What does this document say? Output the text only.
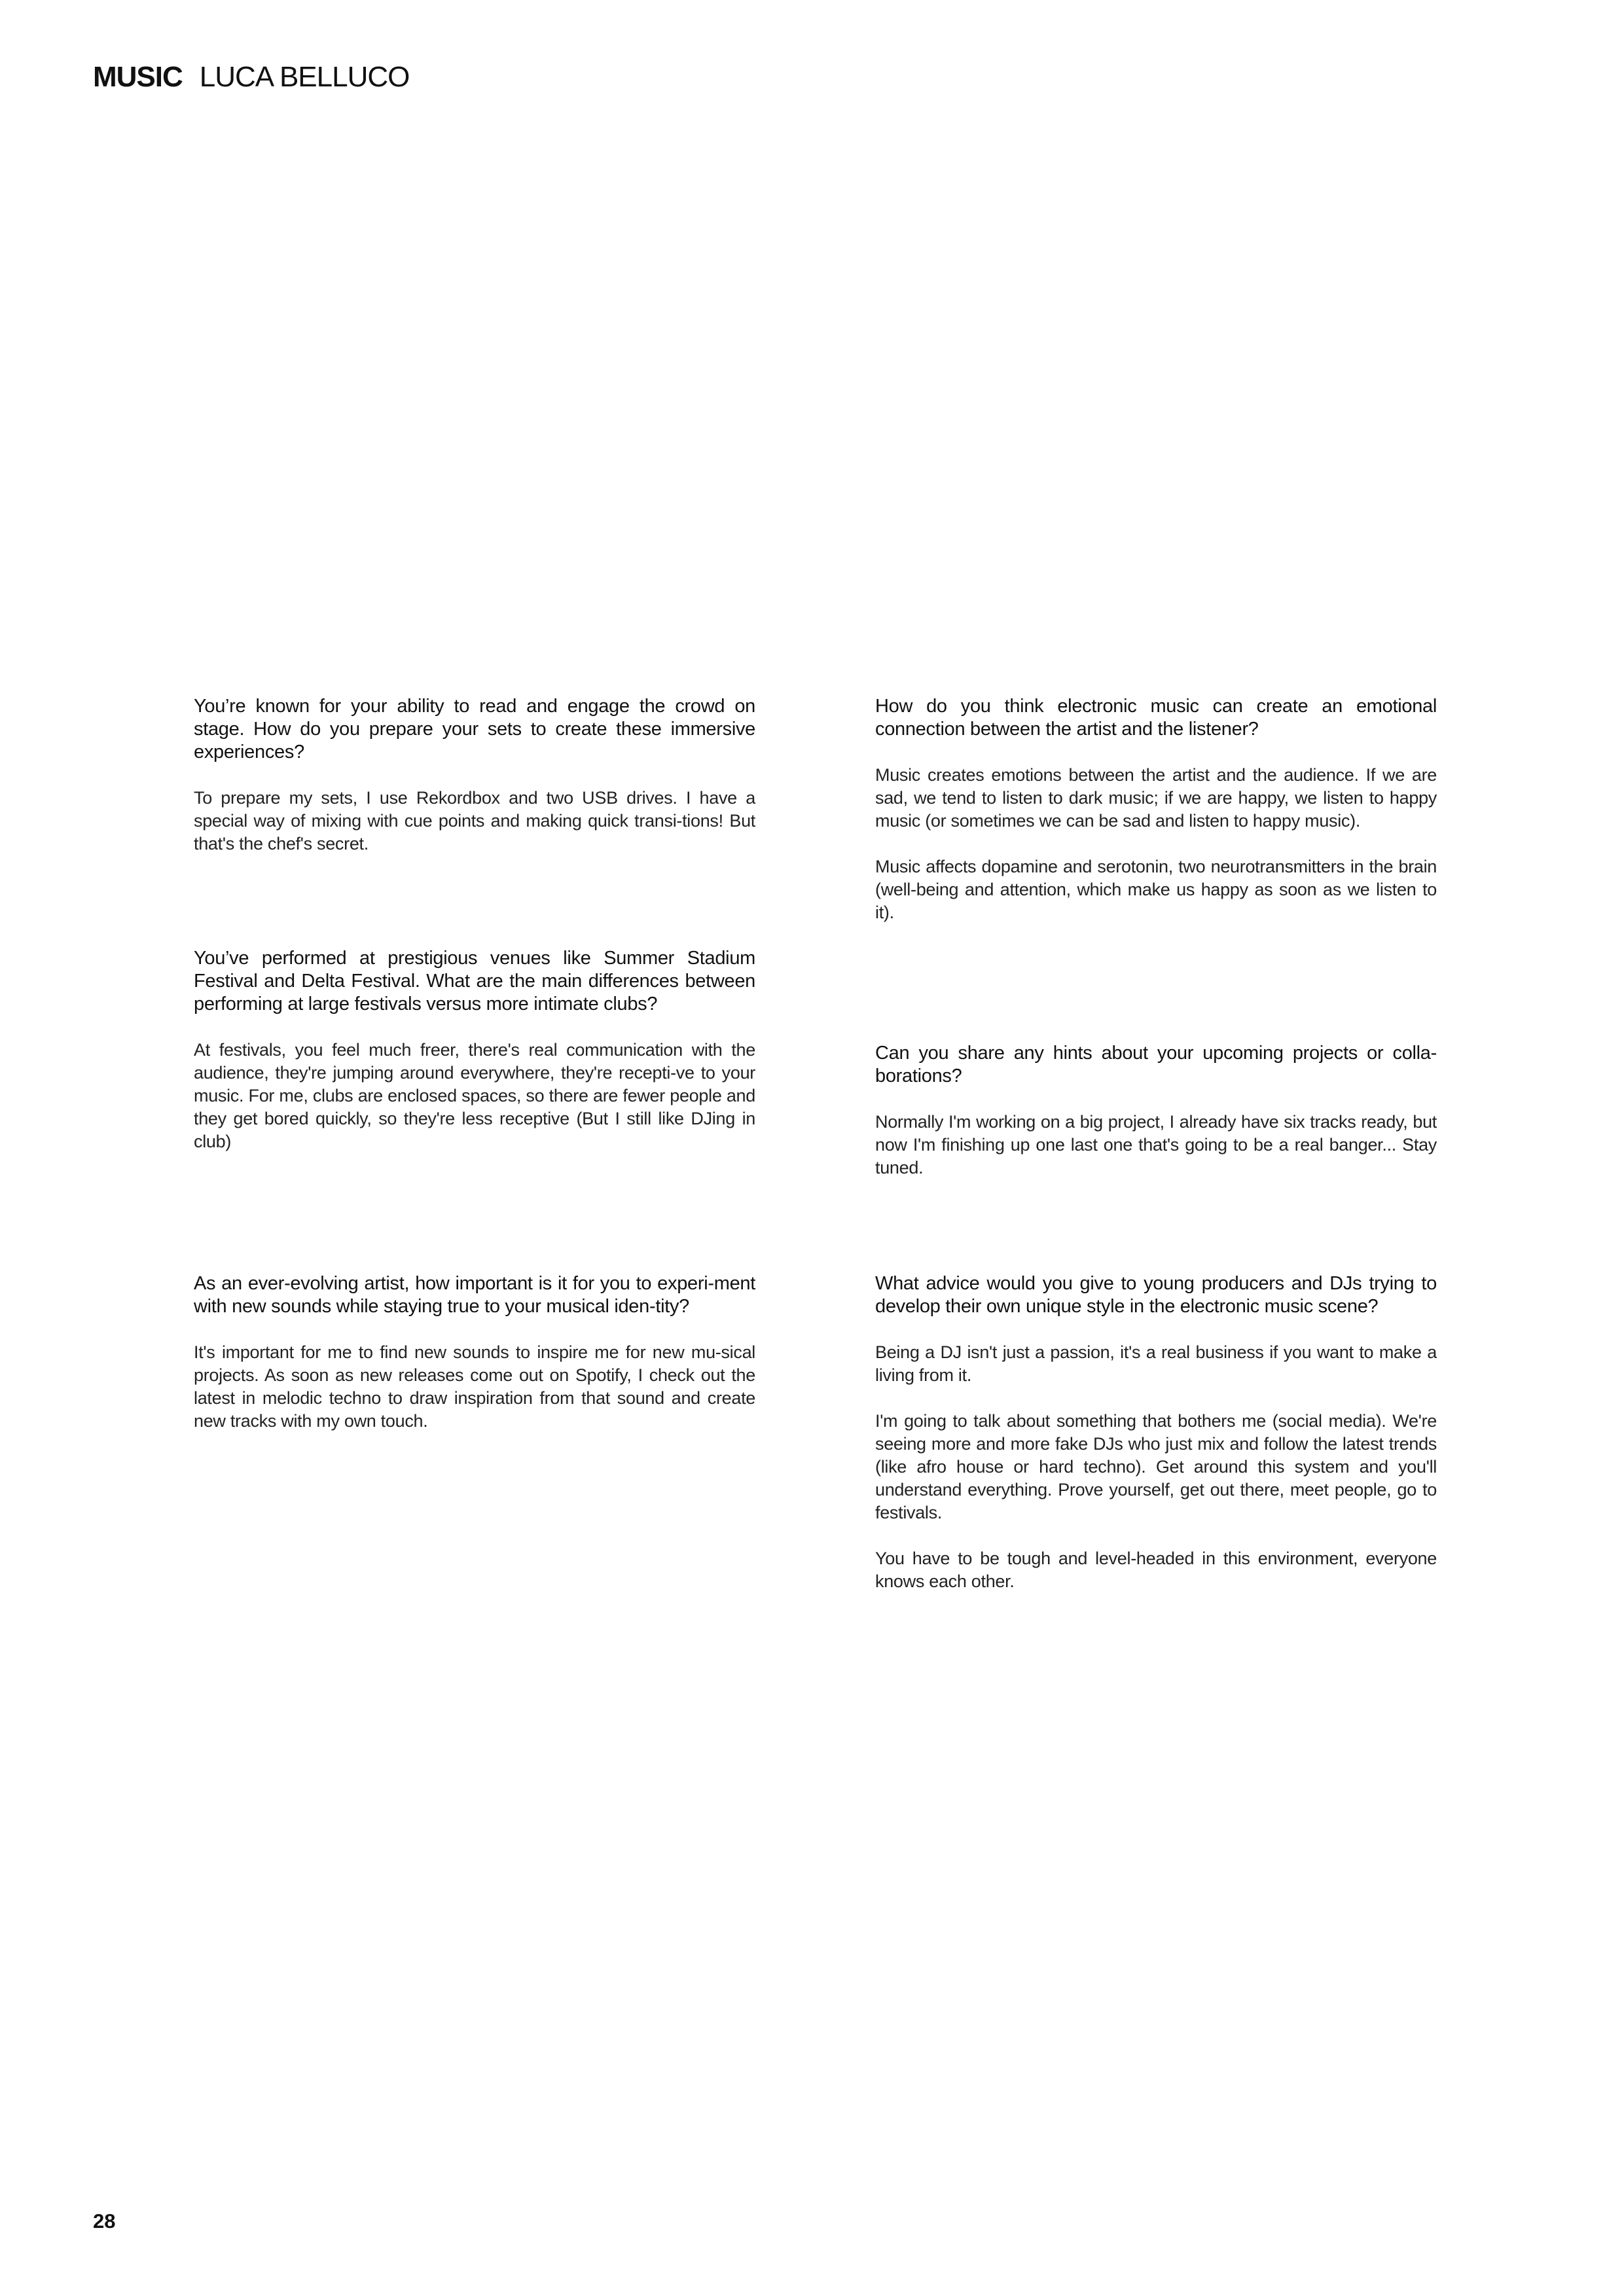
MUSIC LUCA BELLUCO

You’re known for your ability to read and engage the crowd on stage. How do you prepare your sets to create these immersive experiences?

To prepare my sets, I use Rekordbox and two USB drives. I have a special way of mixing with cue points and making quick transi-tions! But that's the chef's secret.

You’ve performed at prestigious venues like Summer Stadium Festival and Delta Festival. What are the main differences between performing at large festivals versus more intimate clubs?

At festivals, you feel much freer, there's real communication with the audience, they're jumping around everywhere, they're recepti-ve to your music. For me, clubs are enclosed spaces, so there are fewer people and they get bored quickly, so they're less receptive (But I still like DJing in club)

As an ever-evolving artist, how important is it for you to experi-ment with new sounds while staying true to your musical iden-tity?

It's important for me to find new sounds to inspire me for new mu-sical projects. As soon as new releases come out on Spotify, I check out the latest in melodic techno to draw inspiration from that sound and create new tracks with my own touch.

How do you think electronic music can create an emotional connection between the artist and the listener?

Music creates emotions between the artist and the audience. If we are sad, we tend to listen to dark music; if we are happy, we listen to happy music (or sometimes we can be sad and listen to happy music).

Music affects dopamine and serotonin, two neurotransmitters in the brain (well-being and attention, which make us happy as soon as we listen to it).

Can you share any hints about your upcoming projects or colla-borations?

Normally I'm working on a big project, I already have six tracks ready, but now I'm finishing up one last one that's going to be a real banger... Stay tuned.

What advice would you give to young producers and DJs trying to develop their own unique style in the electronic music scene?

Being a DJ isn't just a passion, it's a real business if you want to make a living from it.

I'm going to talk about something that bothers me (social media). We're seeing more and more fake DJs who just mix and follow the latest trends (like afro house or hard techno). Get around this system and you'll understand everything. Prove yourself, get out there, meet people, go to festivals.

You have to be tough and level-headed in this environment, everyone knows each other.

28
